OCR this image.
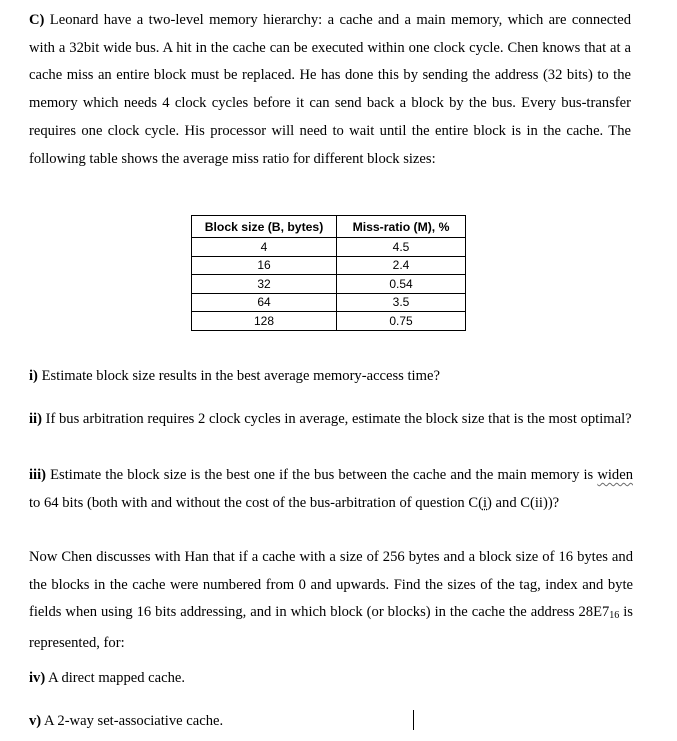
C) Leonard have a two-level memory hierarchy: a cache and a main memory, which are connected with a 32bit wide bus. A hit in the cache can be executed within one clock cycle. Chen knows that at a cache miss an entire block must be replaced. He has done this by sending the address (32 bits) to the memory which needs 4 clock cycles before it can send back a block by the bus. Every bus-transfer requires one clock cycle. His processor will need to wait until the entire block is in the cache. The following table shows the average miss ratio for different block sizes:

Block size (B, bytes)	Miss-ratio (M), %
4	4.5
16	2.4
32	0.54
64	3.5
128	0.75

i) Estimate block size results in the best average memory-access time?

ii) If bus arbitration requires 2 clock cycles in average, estimate the block size that is the most optimal?

iii) Estimate the block size is the best one if the bus between the cache and the main memory is widen to 64 bits (both with and without the cost of the bus-arbitration of question C(i) and C(ii))?

Now Chen discusses with Han that if a cache with a size of 256 bytes and a block size of 16 bytes and the blocks in the cache were numbered from 0 and upwards. Find the sizes of the tag, index and byte fields when using 16 bits addressing, and in which block (or blocks) in the cache the address $28E7_{16}$ is represented, for:

iv) A direct mapped cache.

v) A 2-way set-associative cache.
